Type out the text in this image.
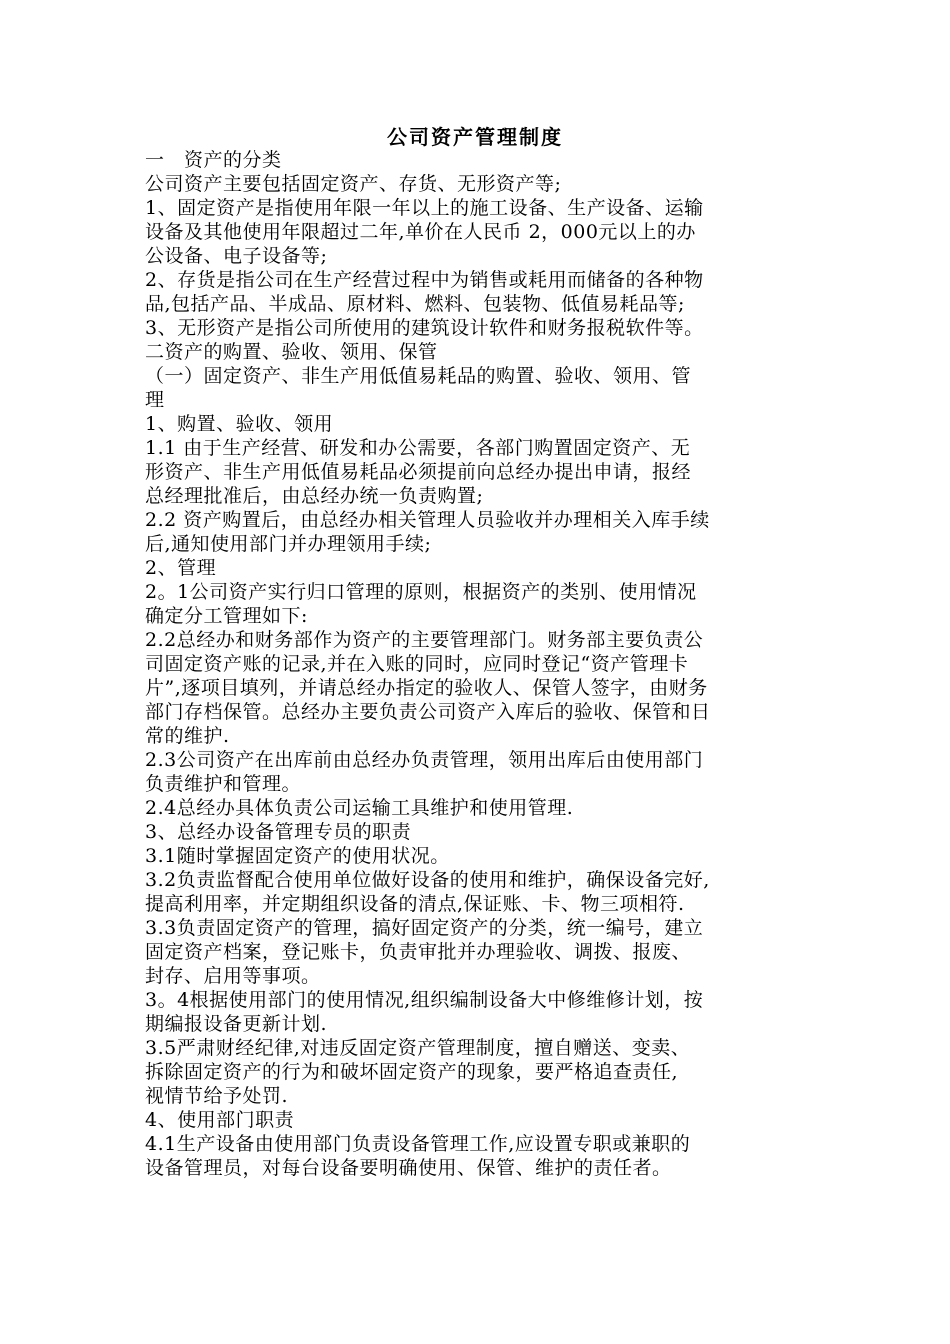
公司资产管理制度
一　资产的分类
公司资产主要包括固定资产、存货、无形资产等;
1、固定资产是指使用年限一年以上的施工设备、生产设备、运输
设备及其他使用年限超过二年,单价在人民币 2，000元以上的办
公设备、电子设备等;
2、存货是指公司在生产经营过程中为销售或耗用而储备的各种物
品,包括产品、半成品、原材料、燃料、包装物、低值易耗品等;
3、无形资产是指公司所使用的建筑设计软件和财务报税软件等。
二资产的购置、验收、领用、保管
（一）固定资产、非生产用低值易耗品的购置、验收、领用、管
理
1、购置、验收、领用
1.1 由于生产经营、研发和办公需要，各部门购置固定资产、无
形资产、非生产用低值易耗品必须提前向总经办提出申请，报经
总经理批准后，由总经办统一负责购置;
2.2 资产购置后，由总经办相关管理人员验收并办理相关入库手续
后,通知使用部门并办理领用手续;
2、管理
2。1公司资产实行归口管理的原则，根据资产的类别、使用情况
确定分工管理如下:
2.2总经办和财务部作为资产的主要管理部门。财务部主要负责公
司固定资产账的记录,并在入账的同时，应同时登记“资产管理卡
片”,逐项目填列，并请总经办指定的验收人、保管人签字，由财务
部门存档保管。总经办主要负责公司资产入库后的验收、保管和日
常的维护.
2.3公司资产在出库前由总经办负责管理，领用出库后由使用部门
负责维护和管理。
2.4总经办具体负责公司运输工具维护和使用管理.
3、总经办设备管理专员的职责
3.1随时掌握固定资产的使用状况。
3.2负责监督配合使用单位做好设备的使用和维护，确保设备完好,
提高利用率，并定期组织设备的清点,保证账、卡、物三项相符.
3.3负责固定资产的管理，搞好固定资产的分类，统一编号，建立
固定资产档案，登记账卡，负责审批并办理验收、调拨、报废、
封存、启用等事项。
3。4根据使用部门的使用情况,组织编制设备大中修维修计划，按
期编报设备更新计划.
3.5严肃财经纪律,对违反固定资产管理制度，擅自赠送、变卖、
拆除固定资产的行为和破坏固定资产的现象，要严格追查责任,
视情节给予处罚.
4、使用部门职责
4.1生产设备由使用部门负责设备管理工作,应设置专职或兼职的
设备管理员，对每台设备要明确使用、保管、维护的责任者。
